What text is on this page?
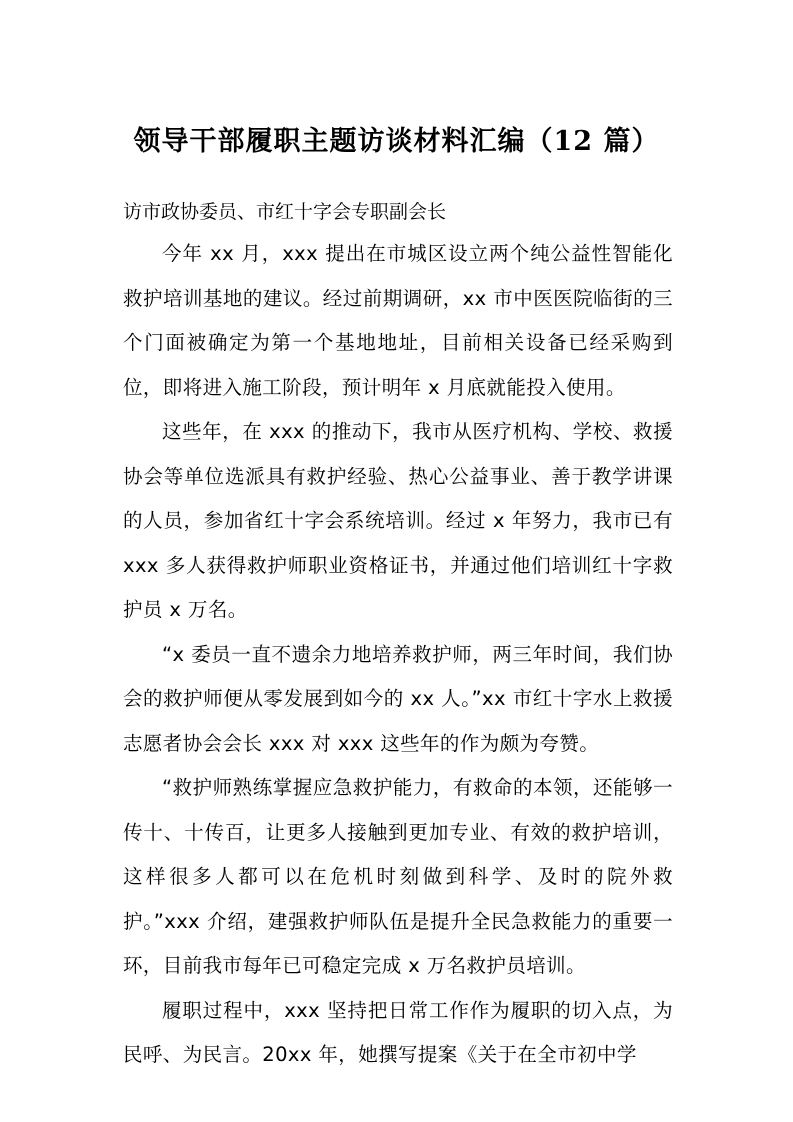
领导干部履职主题访谈材料汇编（12 篇）

访市政协委员、市红十字会专职副会长

今年 xx 月，xxx 提出在市城区设立两个纯公益性智能化救护培训基地的建议。经过前期调研，xx 市中医医院临街的三个门面被确定为第一个基地地址，目前相关设备已经采购到位，即将进入施工阶段，预计明年 x 月底就能投入使用。

这些年，在 xxx 的推动下，我市从医疗机构、学校、救援协会等单位选派具有救护经验、热心公益事业、善于教学讲课的人员，参加省红十字会系统培训。经过 x 年努力，我市已有 xxx 多人获得救护师职业资格证书，并通过他们培训红十字救护员 x 万名。

“x 委员一直不遗余力地培养救护师，两三年时间，我们协会的救护师便从零发展到如今的 xx 人。”xx 市红十字水上救援志愿者协会会长 xxx 对 xxx 这些年的作为颇为夸赞。

“救护师熟练掌握应急救护能力，有救命的本领，还能够一传十、十传百，让更多人接触到更加专业、有效的救护培训，这样很多人都可以在危机时刻做到科学、及时的院外救护。”xxx 介绍，建强救护师队伍是提升全民急救能力的重要一环，目前我市每年已可稳定完成 x 万名救护员培训。

履职过程中，xxx 坚持把日常工作作为履职的切入点，为民呼、为民言。20xx 年，她撰写提案《关于在全市初中学
